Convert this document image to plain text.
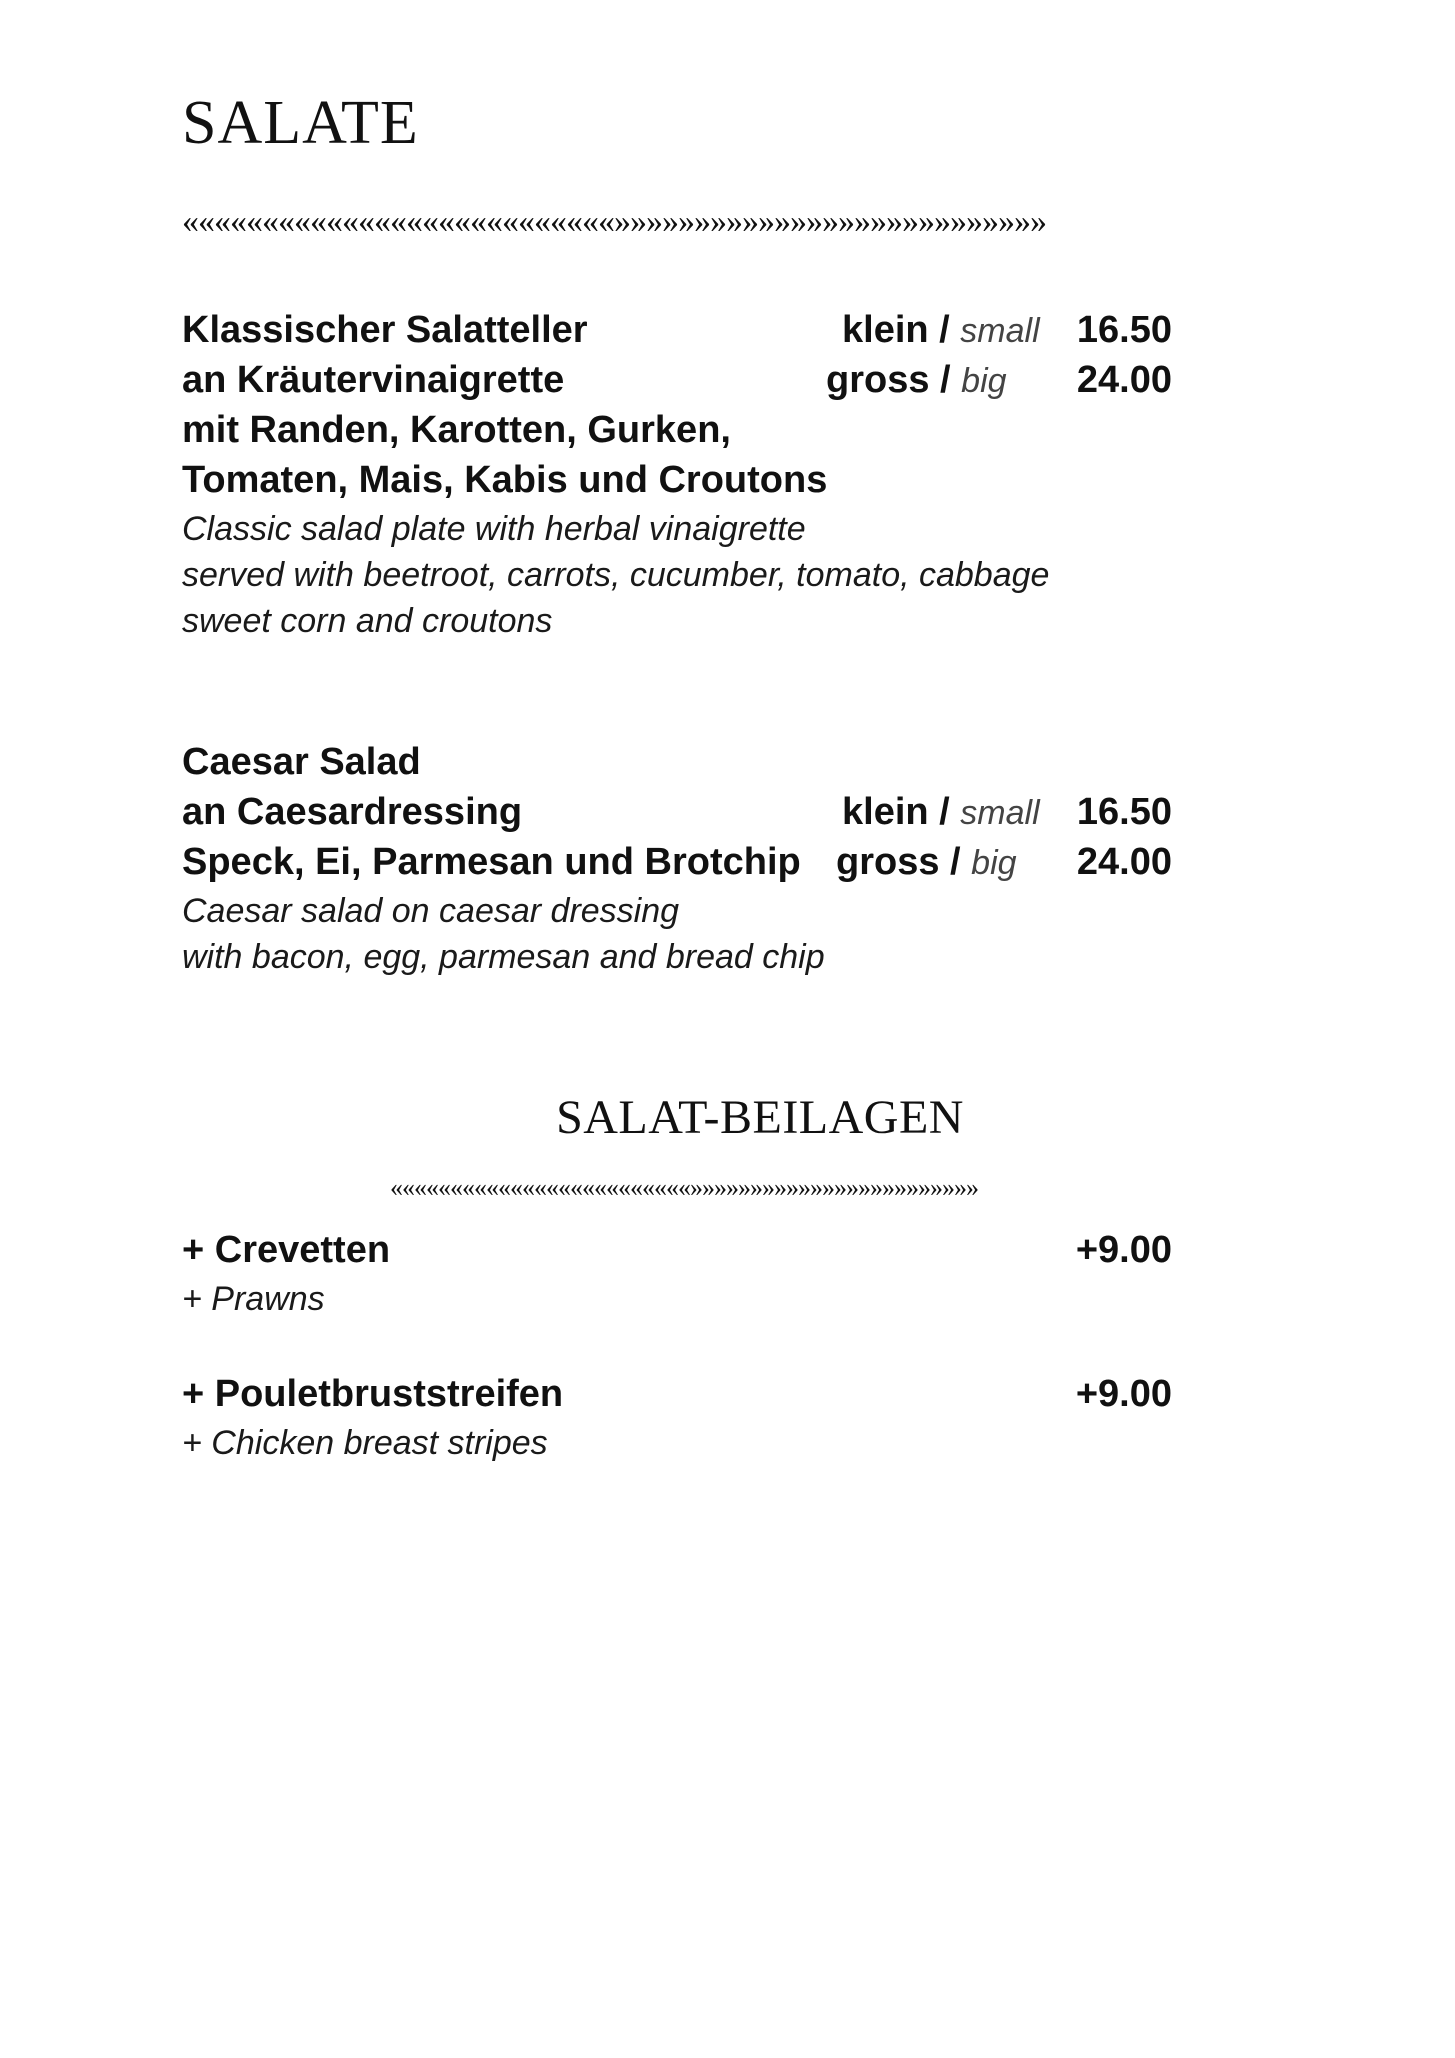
SALATE
«««««««««««««««««««««««««««»»»»»»»»»»»»»»»»»»»»»»»»»»»
Klassischer Salatteller	klein / small 16.50
an Kräutervinaigrette	gross / big 24.00
mit Randen, Karotten, Gurken,
Tomaten, Mais, Kabis und Croutons
Classic salad plate with herbal vinaigrette
served with beetroot, carrots, cucumber, tomato, cabbage
sweet corn and croutons
Caesar Salad
an Caesardressing	klein / small 16.50
Speck, Ei, Parmesan und Brotchip gross / big 24.00
Caesar salad on caesar dressing
with bacon, egg, parmesan and bread chip
SALAT-BEILAGEN
«««««««««««««««««««««««««»»»»»»»»»»»»»»»»»»»»»»»»
+ Crevetten	+9.00
+ Prawns
+ Pouletbruststreifen	+9.00
+ Chicken breast stripes
